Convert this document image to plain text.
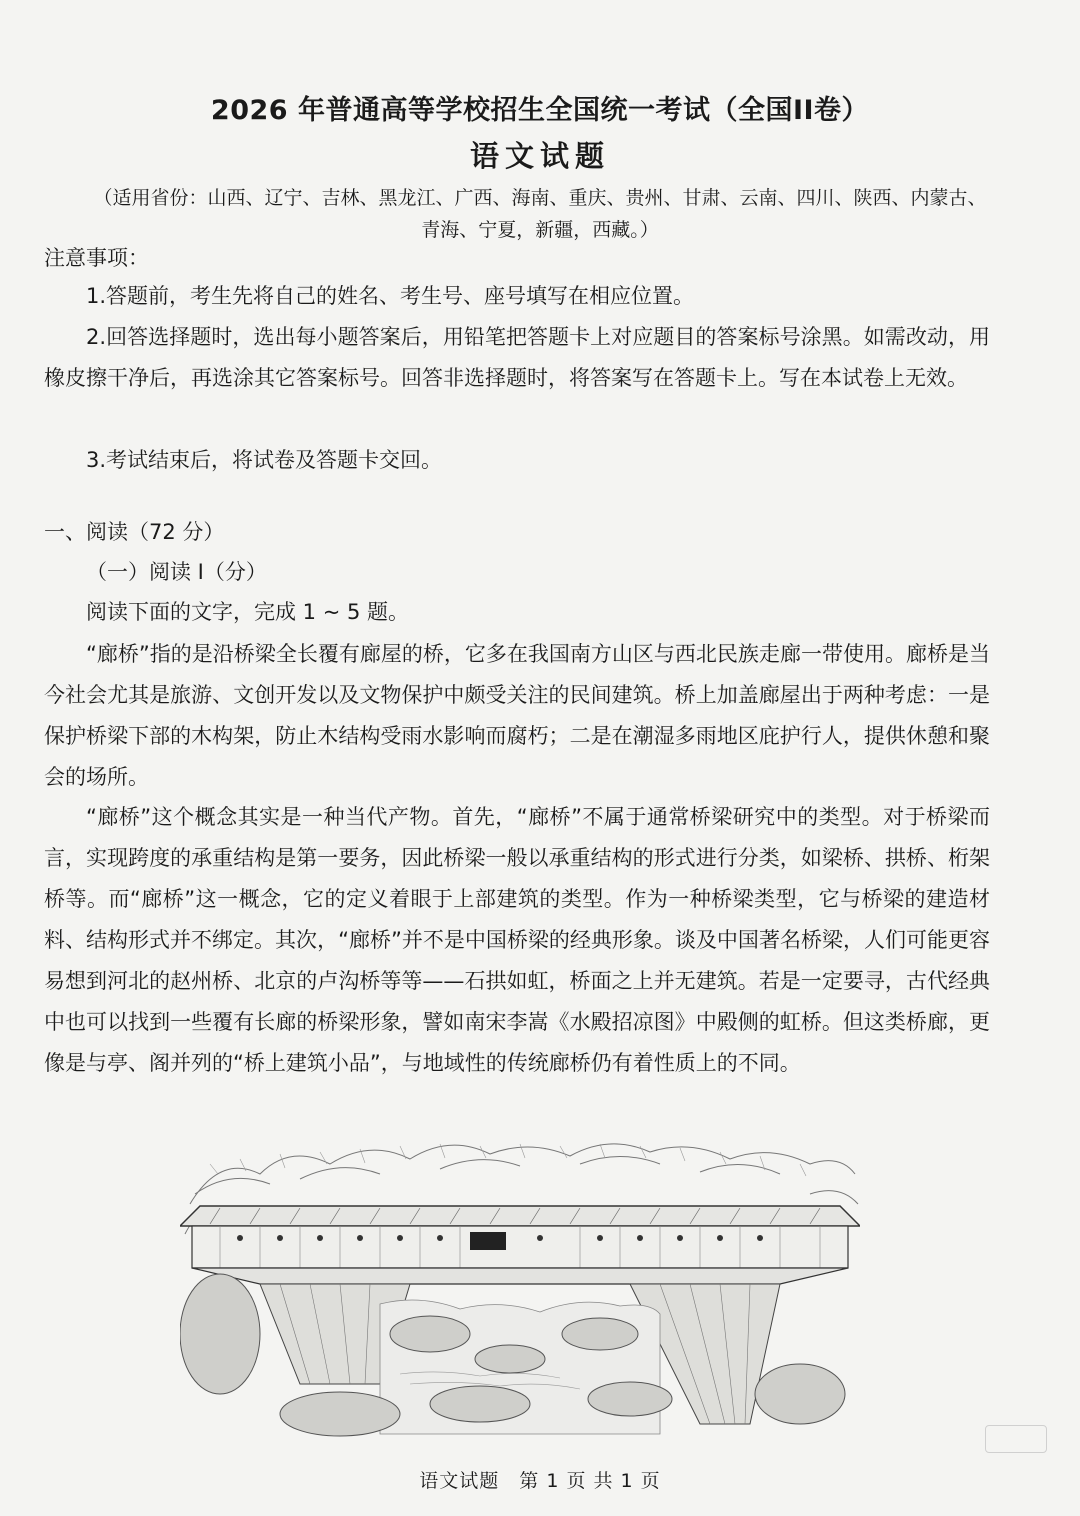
2026 年普通高等学校招生全国统一考试（全国II卷）
语文试题
（适用省份：山西、辽宁、吉林、黑龙江、广西、海南、重庆、贵州、甘肃、云南、四川、陕西、内蒙古、
青海、宁夏，新疆，西藏。）
注意事项：
1.答题前，考生先将自己的姓名、考生号、座号填写在相应位置。
2.回答选择题时，选出每小题答案后，用铅笔把答题卡上对应题目的答案标号涂黑。如需改动，用橡皮擦干净后，再选涂其它答案标号。回答非选择题时，将答案写在答题卡上。写在本试卷上无效。
3.考试结束后，将试卷及答题卡交回。
一、阅读（72 分）
（一）阅读 I（分）
阅读下面的文字，完成 1 ~ 5 题。
“廊桥”指的是沿桥梁全长覆有廊屋的桥，它多在我国南方山区与西北民族走廊一带使用。廊桥是当今社会尤其是旅游、文创开发以及文物保护中颇受关注的民间建筑。桥上加盖廊屋出于两种考虑：一是保护桥梁下部的木构架，防止木结构受雨水影响而腐朽；二是在潮湿多雨地区庇护行人，提供休憩和聚会的场所。
“廊桥”这个概念其实是一种当代产物。首先，“廊桥”不属于通常桥梁研究中的类型。对于桥梁而言，实现跨度的承重结构是第一要务，因此桥梁一般以承重结构的形式进行分类，如梁桥、拱桥、桁架桥等。而“廊桥”这一概念，它的定义着眼于上部建筑的类型。作为一种桥梁类型，它与桥梁的建造材料、结构形式并不绑定。其次，“廊桥”并不是中国桥梁的经典形象。谈及中国著名桥梁，人们可能更容易想到河北的赵州桥、北京的卢沟桥等等——石拱如虹，桥面之上并无建筑。若是一定要寻，古代经典中也可以找到一些覆有长廊的桥梁形象，譬如南宋李嵩《水殿招凉图》中殿侧的虹桥。但这类桥廊，更像是与亭、阁并列的“桥上建筑小品”，与地域性的传统廊桥仍有着性质上的不同。
语文试题　第 1 页 共 1 页
